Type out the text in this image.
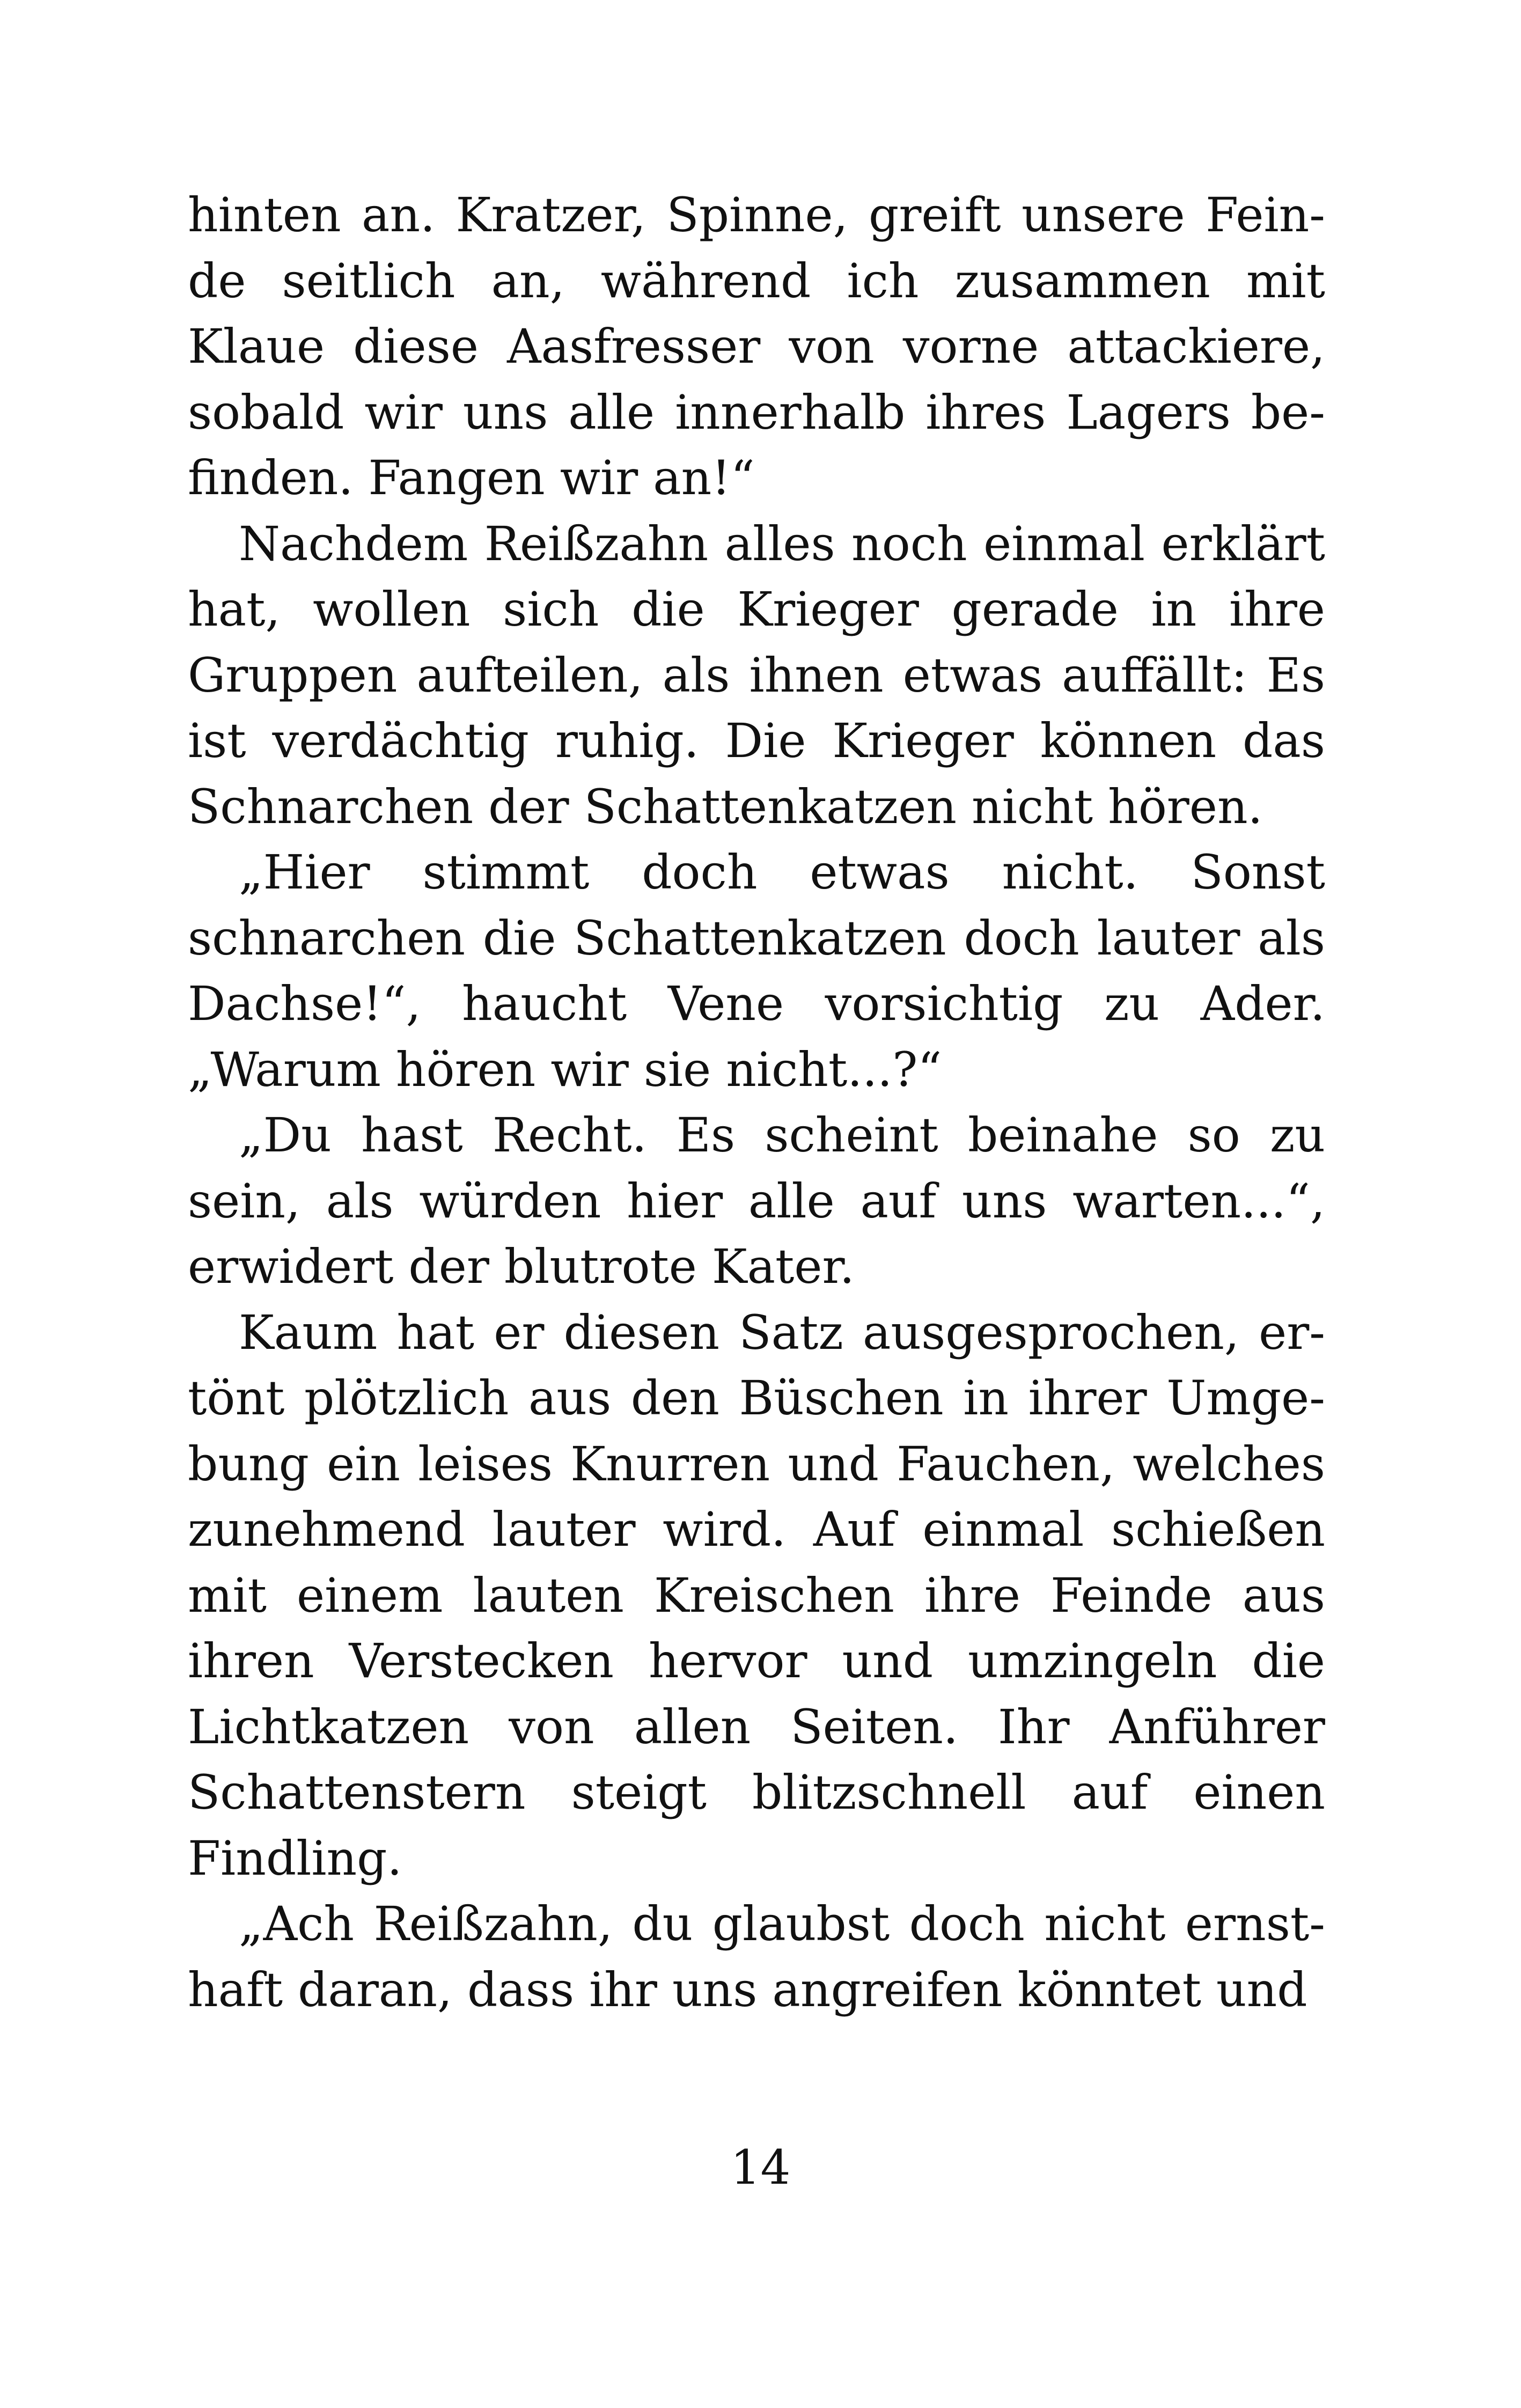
hinten an. Kratzer, Spinne, greift unsere Feinde seitlich an, während ich zusammen mit Klaue diese Aasfresser von vorne attackiere, sobald wir uns alle innerhalb ihres Lagers befinden. Fangen wir an!“

Nachdem Reißzahn alles noch einmal erklärt hat, wollen sich die Krieger gerade in ihre Gruppen aufteilen, als ihnen etwas auffällt: Es ist verdächtig ruhig. Die Krieger können das Schnarchen der Schattenkatzen nicht hören.

„Hier stimmt doch etwas nicht. Sonst schnarchen die Schattenkatzen doch lauter als Dachse!“, haucht Vene vorsichtig zu Ader. „Warum hören wir sie nicht...?“

„Du hast Recht. Es scheint beinahe so zu sein, als würden hier alle auf uns warten...“, erwidert der blutrote Kater.

Kaum hat er diesen Satz ausgesprochen, ertönt plötzlich aus den Büschen in ihrer Umgebung ein leises Knurren und Fauchen, welches zunehmend lauter wird. Auf einmal schießen mit einem lauten Kreischen ihre Feinde aus ihren Verstecken hervor und umzingeln die Lichtkatzen von allen Seiten. Ihr Anführer Schattenstern steigt blitzschnell auf einen Findling.

„Ach Reißzahn, du glaubst doch nicht ernsthaft daran, dass ihr uns angreifen könntet und

14
